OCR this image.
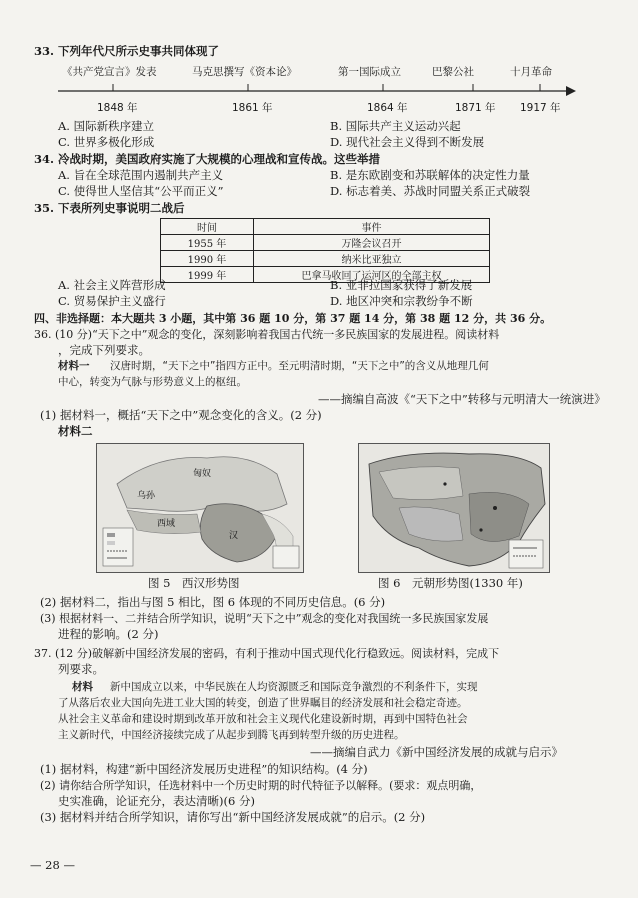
33. 下列年代尺所示史事共同体现了
《共产党宣言》发表	马克思撰写《资本论》	第一国际成立	巴黎公社	十月革命
1848 年	1861 年	1864 年	1871 年 1917 年
A. 国际新秩序建立	B. 国际共产主义运动兴起
C. 世界多极化形成	D. 现代社会主义得到不断发展
34. 冷战时期，美国政府实施了大规模的心理战和宣传战。这些举措
A. 旨在全球范围内遏制共产主义	B. 是东欧剧变和苏联解体的决定性力量
C. 使得世人坚信其“公平而正义”	D. 标志着美、苏战时同盟关系正式破裂
35. 下表所列史事说明二战后
时间	事件
1955 年	万隆会议召开
1990 年	纳米比亚独立
1999 年	巴拿马收回了运河区的全部主权
A. 社会主义阵营形成	B. 亚非拉国家获得了新发展
C. 贸易保护主义盛行	D. 地区冲突和宗教纷争不断
四、非选择题：本大题共 3 小题，其中第 36 题 10 分，第 37 题 14 分，第 38 题 12 分，共 36 分。
36. (10 分)“天下之中”观念的变化，深刻影响着我国古代统一多民族国家的发展进程。阅读材料
，完成下列要求。
材料一 汉唐时期，“天下之中”指四方正中。至元明清时期，“天下之中”的含义从地理几何
中心，转变为气脉与形势意义上的枢纽。
——摘编自高波《“天下之中”转移与元明清大一统演进》
(1) 据材料一，概括“天下之中”观念变化的含义。(2 分)
材料二
匈奴
乌孙
西域
汉
图 5　西汉形势图	图 6　元朝形势图(1330 年)
(2) 据材料二，指出与图 5 相比，图 6 体现的不同历史信息。(6 分)
(3) 根据材料一、二并结合所学知识，说明“天下之中”观念的变化对我国统一多民族国家发展
进程的影响。(2 分)
37. (12 分)破解新中国经济发展的密码，有利于推动中国式现代化行稳致远。阅读材料，完成下
列要求。
材料 新中国成立以来，中华民族在人均资源匮乏和国际竞争激烈的不利条件下，实现
了从落后农业大国向先进工业大国的转变，创造了世界瞩目的经济发展和社会稳定奇迹。
从社会主义革命和建设时期到改革开放和社会主义现代化建设新时期，再到中国特色社会
主义新时代，中国经济接续完成了从起步到腾飞再到转型升级的历史进程。
——摘编自武力《新中国经济发展的成就与启示》
(1) 据材料，构建“新中国经济发展历史进程”的知识结构。(4 分)
(2) 请你结合所学知识，任选材料中一个历史时期的时代特征予以解释。(要求：观点明确，
史实准确，论证充分，表达清晰)(6 分)
(3) 据材料并结合所学知识，请你写出“新中国经济发展成就”的启示。(2 分)
— 28 —
